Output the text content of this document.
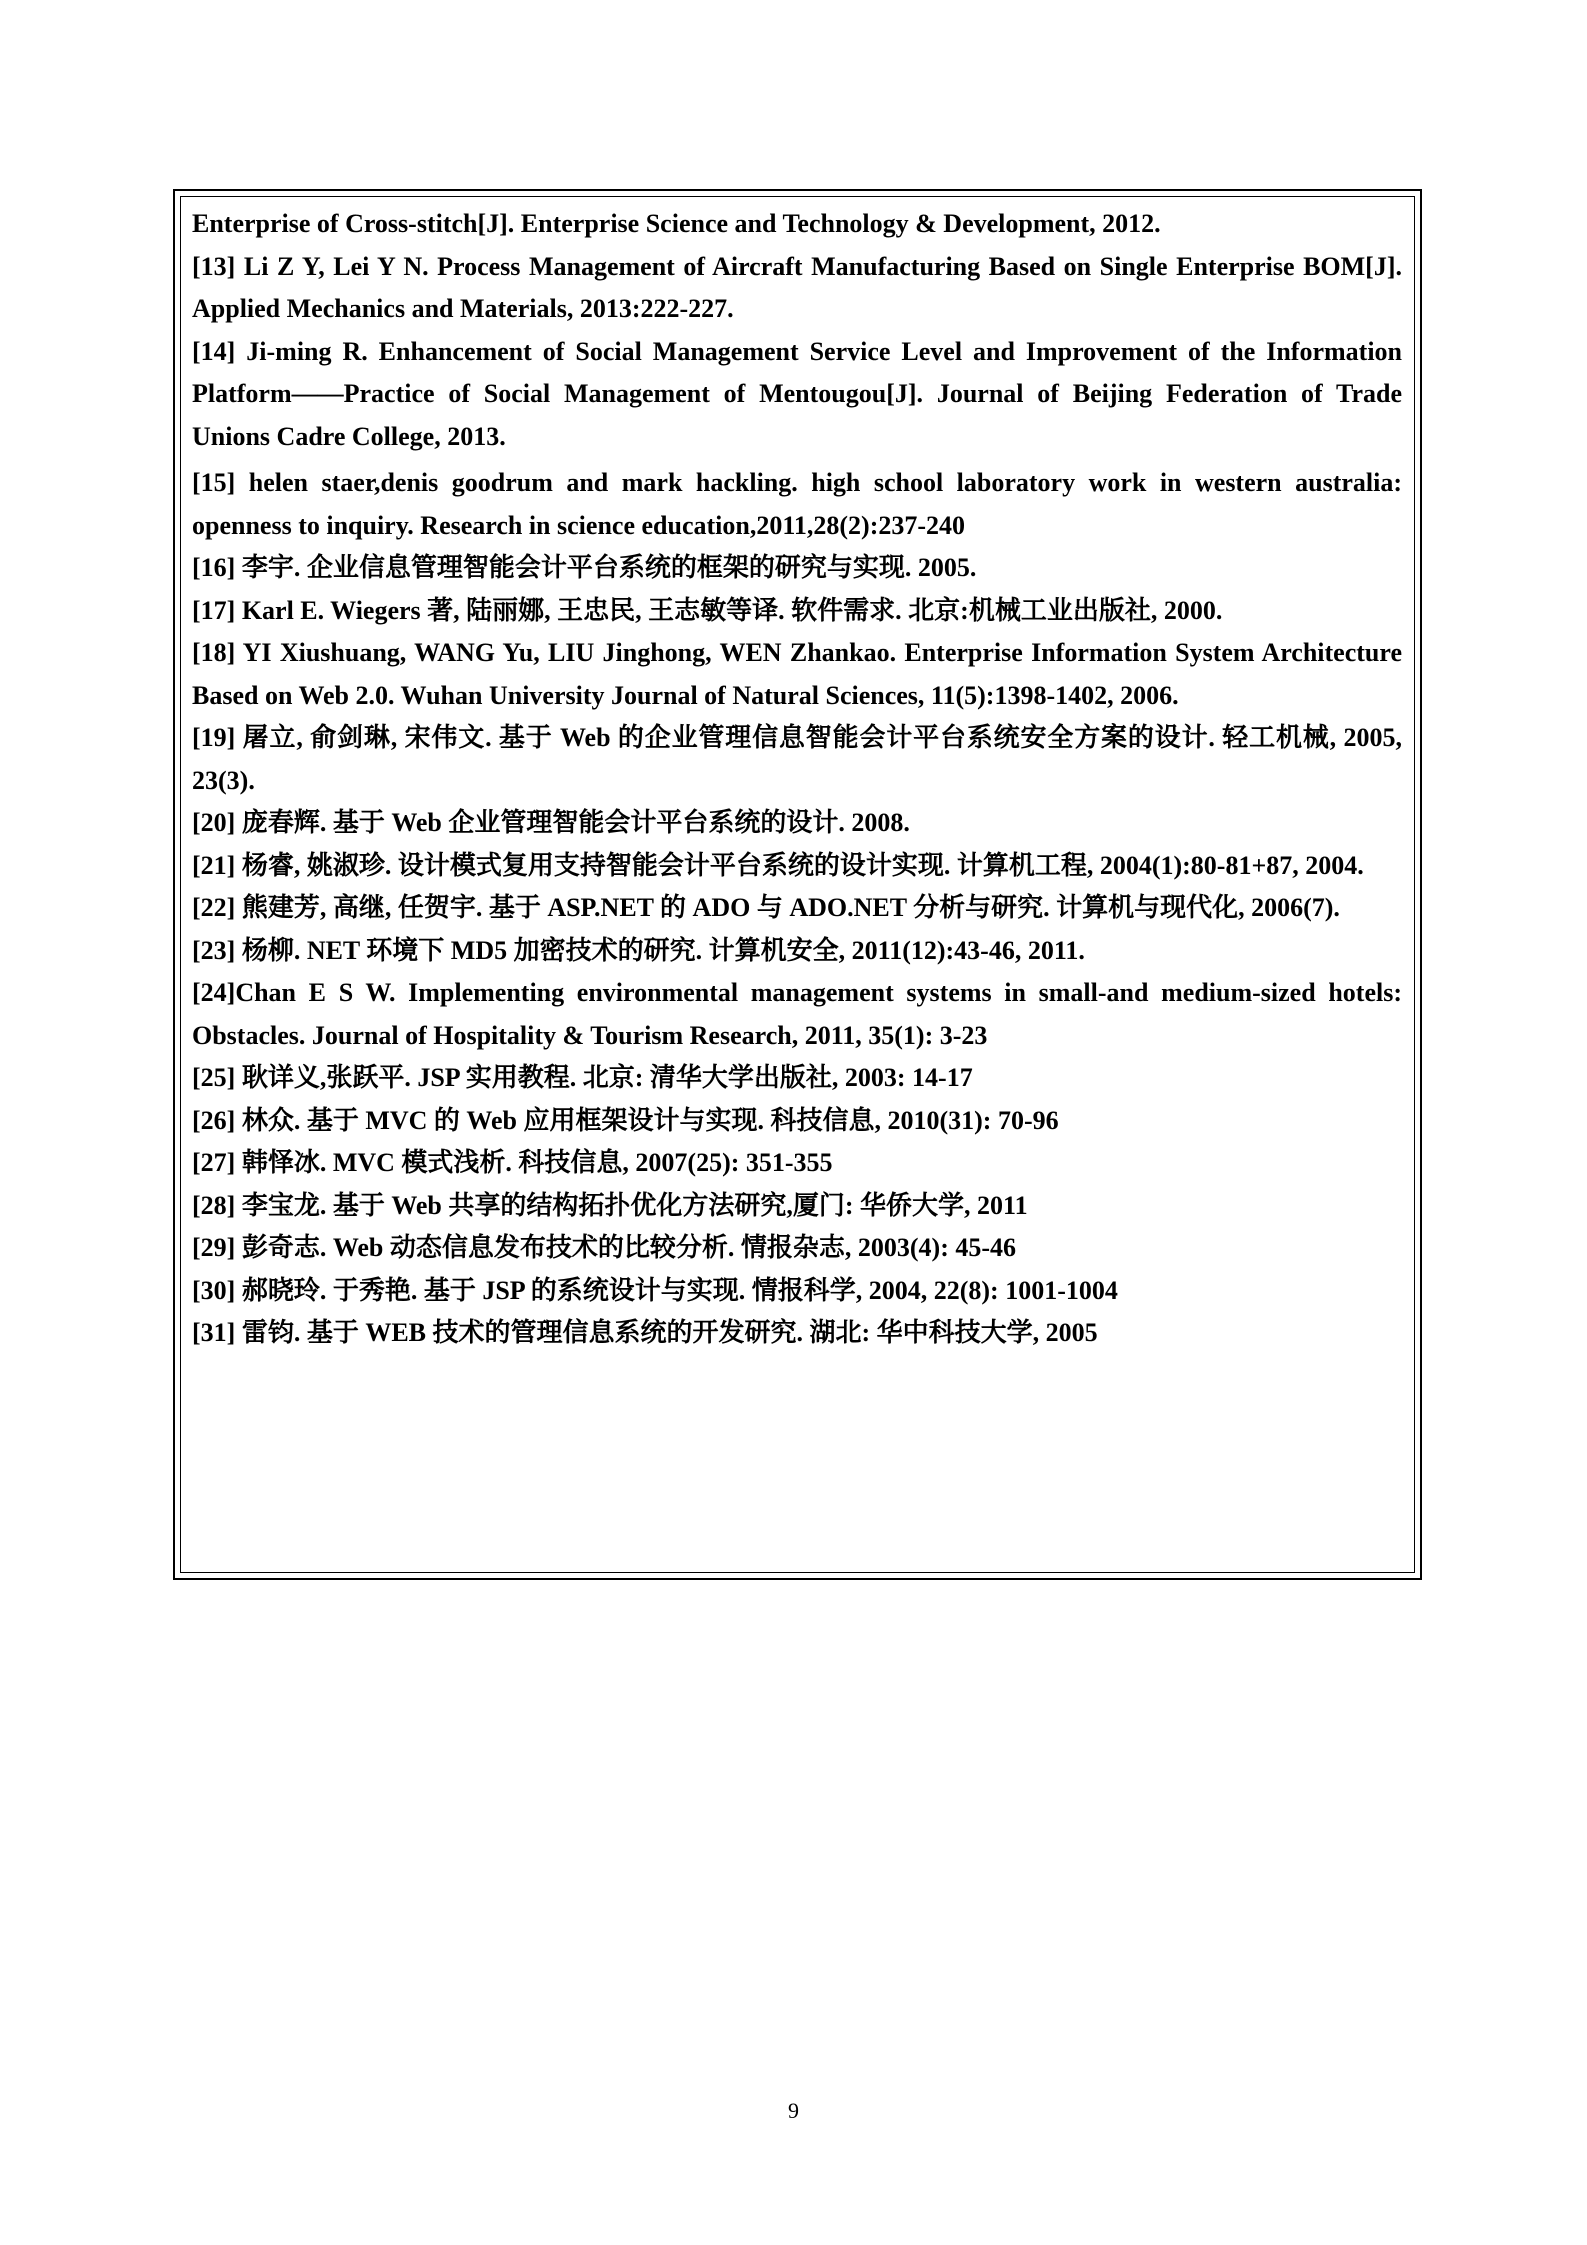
Enterprise of Cross-stitch[J]. Enterprise Science and Technology & Development, 2012.

[13] Li Z Y, Lei Y N. Process Management of Aircraft Manufacturing Based on Single Enterprise BOM[J]. Applied Mechanics and Materials, 2013:222-227.

[14] Ji-ming R. Enhancement of Social Management Service Level and Improvement of the Information Platform——Practice of Social Management of Mentougou[J]. Journal of Beijing Federation of Trade Unions Cadre College, 2013.

[15] helen staer,denis goodrum and mark hackling. high school laboratory work in western australia: openness to inquiry. Research in science education,2011,28(2):237-240

[16] 李宇. 企业信息管理智能会计平台系统的框架的研究与实现. 2005.

[17] Karl E. Wiegers 著, 陆丽娜, 王忠民, 王志敏等译. 软件需求. 北京:机械工业出版社, 2000.

[18] YI Xiushuang, WANG Yu, LIU Jinghong, WEN Zhankao. Enterprise Information System Architecture Based on Web 2.0. Wuhan University Journal of Natural Sciences, 11(5):1398-1402, 2006.

[19] 屠立, 俞剑琳, 宋伟文. 基于 Web 的企业管理信息智能会计平台系统安全方案的设计. 轻工机械, 2005, 23(3).

[20] 庞春辉. 基于 Web 企业管理智能会计平台系统的设计. 2008.

[21] 杨睿, 姚淑珍. 设计模式复用支持智能会计平台系统的设计实现. 计算机工程, 2004(1):80-81+87, 2004.

[22] 熊建芳, 高继, 任贺宇. 基于 ASP.NET 的 ADO 与 ADO.NET 分析与研究. 计算机与现代化, 2006(7).

[23] 杨柳. NET 环境下 MD5 加密技术的研究. 计算机安全, 2011(12):43-46, 2011.

[24]Chan E S W. Implementing environmental management systems in small-and medium-sized hotels: Obstacles. Journal of Hospitality & Tourism Research, 2011, 35(1): 3-23

[25] 耿详义,张跃平. JSP 实用教程. 北京: 清华大学出版社, 2003: 14-17

[26] 林众. 基于 MVC 的 Web 应用框架设计与实现. 科技信息, 2010(31): 70-96

[27] 韩怿冰. MVC 模式浅析. 科技信息, 2007(25): 351-355

[28] 李宝龙. 基于 Web 共享的结构拓扑优化方法研究,厦门: 华侨大学, 2011

[29] 彭奇志. Web 动态信息发布技术的比较分析. 情报杂志, 2003(4): 45-46

[30] 郝晓玲. 于秀艳. 基于 JSP 的系统设计与实现. 情报科学, 2004, 22(8): 1001-1004

[31] 雷钧. 基于 WEB 技术的管理信息系统的开发研究. 湖北: 华中科技大学, 2005

9
